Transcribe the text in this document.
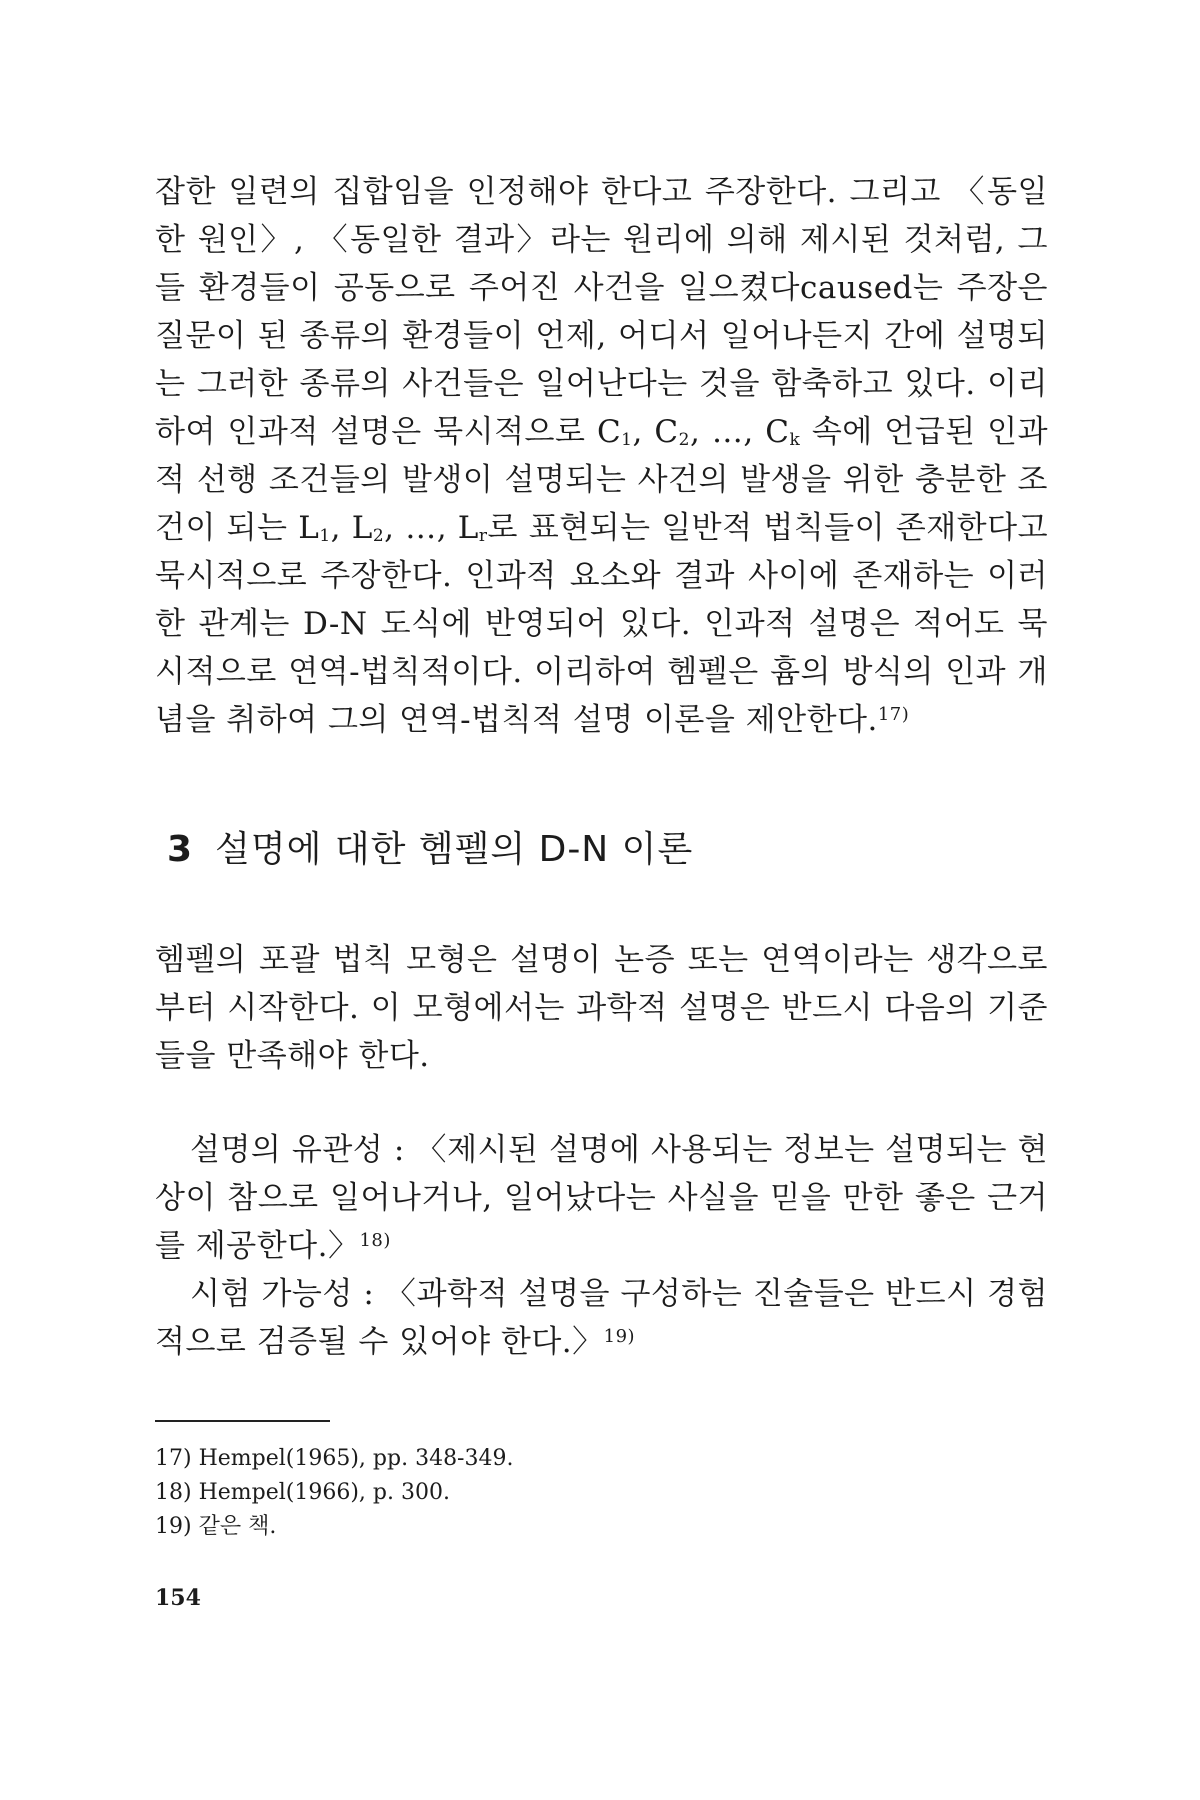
잡한 일련의 집합임을 인정해야 한다고 주장한다. 그리고 〈동일한 원인〉, 〈동일한 결과〉라는 원리에 의해 제시된 것처럼, 그들 환경들이 공동으로 주어진 사건을 일으켰다caused는 주장은 질문이 된 종류의 환경들이 언제, 어디서 일어나든지 간에 설명되는 그러한 종류의 사건들은 일어난다는 것을 함축하고 있다. 이리하여 인과적 설명은 묵시적으로 $C_1$, $C_2$, …, $C_k$ 속에 언급된 인과적 선행 조건들의 발생이 설명되는 사건의 발생을 위한 충분한 조건이 되는 $L_1$, $L_2$, …, $L_r$로 표현되는 일반적 법칙들이 존재한다고 묵시적으로 주장한다. 인과적 요소와 결과 사이에 존재하는 이러한 관계는 D-N 도식에 반영되어 있다. 인과적 설명은 적어도 묵시적으로 연역-법칙적이다. 이리하여 헴펠은 흄의 방식의 인과 개념을 취하여 그의 연역-법칙적 설명 이론을 제안한다.$^{17)}$

3 설명에 대한 헴펠의 D-N 이론

헴펠의 포괄 법칙 모형은 설명이 논증 또는 연역이라는 생각으로부터 시작한다. 이 모형에서는 과학적 설명은 반드시 다음의 기준들을 만족해야 한다.

설명의 유관성 : 〈제시된 설명에 사용되는 정보는 설명되는 현상이 참으로 일어나거나, 일어났다는 사실을 믿을 만한 좋은 근거를 제공한다.〉$^{18)}$

시험 가능성 : 〈과학적 설명을 구성하는 진술들은 반드시 경험적으로 검증될 수 있어야 한다.〉$^{19)}$

17) Hempel(1965), pp. 348-349.
18) Hempel(1966), p. 300.
19) 같은 책.
154
